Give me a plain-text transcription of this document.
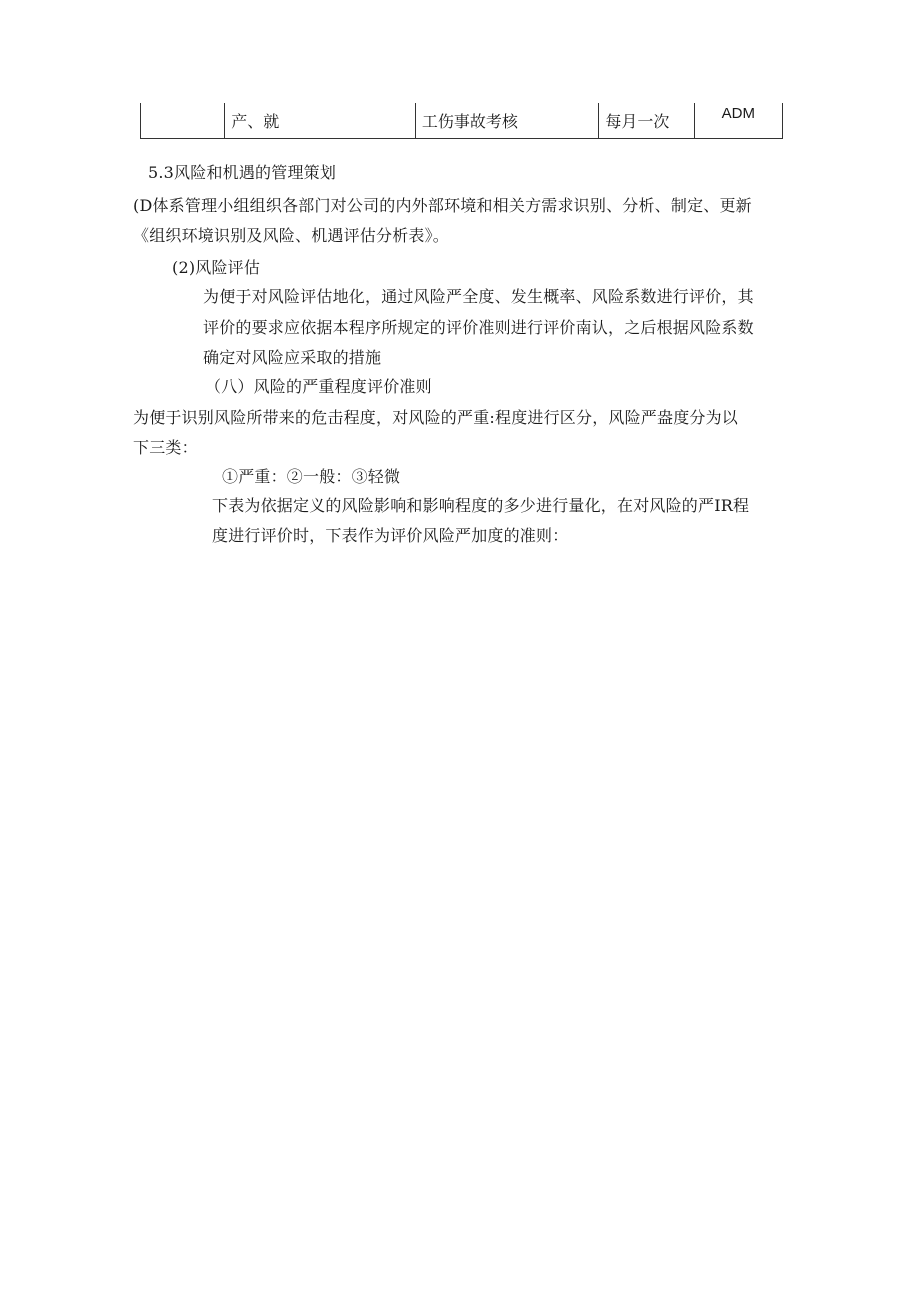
	产、就	工伤事故考核	每月一次	ADM
5.3风险和机遇的管理策划
(D体系管理小组组织各部门对公司的内外部环境和相关方需求识别、分析、制定、更新
《组织环境识别及风险、机遇评估分析表》。
(2)风险评估
为便于对风险评估地化，通过风险严全度、发生概率、风险系数进行评价，其
评价的要求应依据本程序所规定的评价准则进行评价南认，之后根据风险系数
确定对风险应采取的措施
（八）风险的严重程度评价准则
为便于识别风险所带来的危击程度，对风险的严重:程度进行区分，风险严盎度分为以
下三类：
①严重：②一般：③轻微
下表为依据定义的风险影响和影响程度的多少进行量化，在对风险的严IR程
度进行评价时，下表作为评价风险严加度的准则：
